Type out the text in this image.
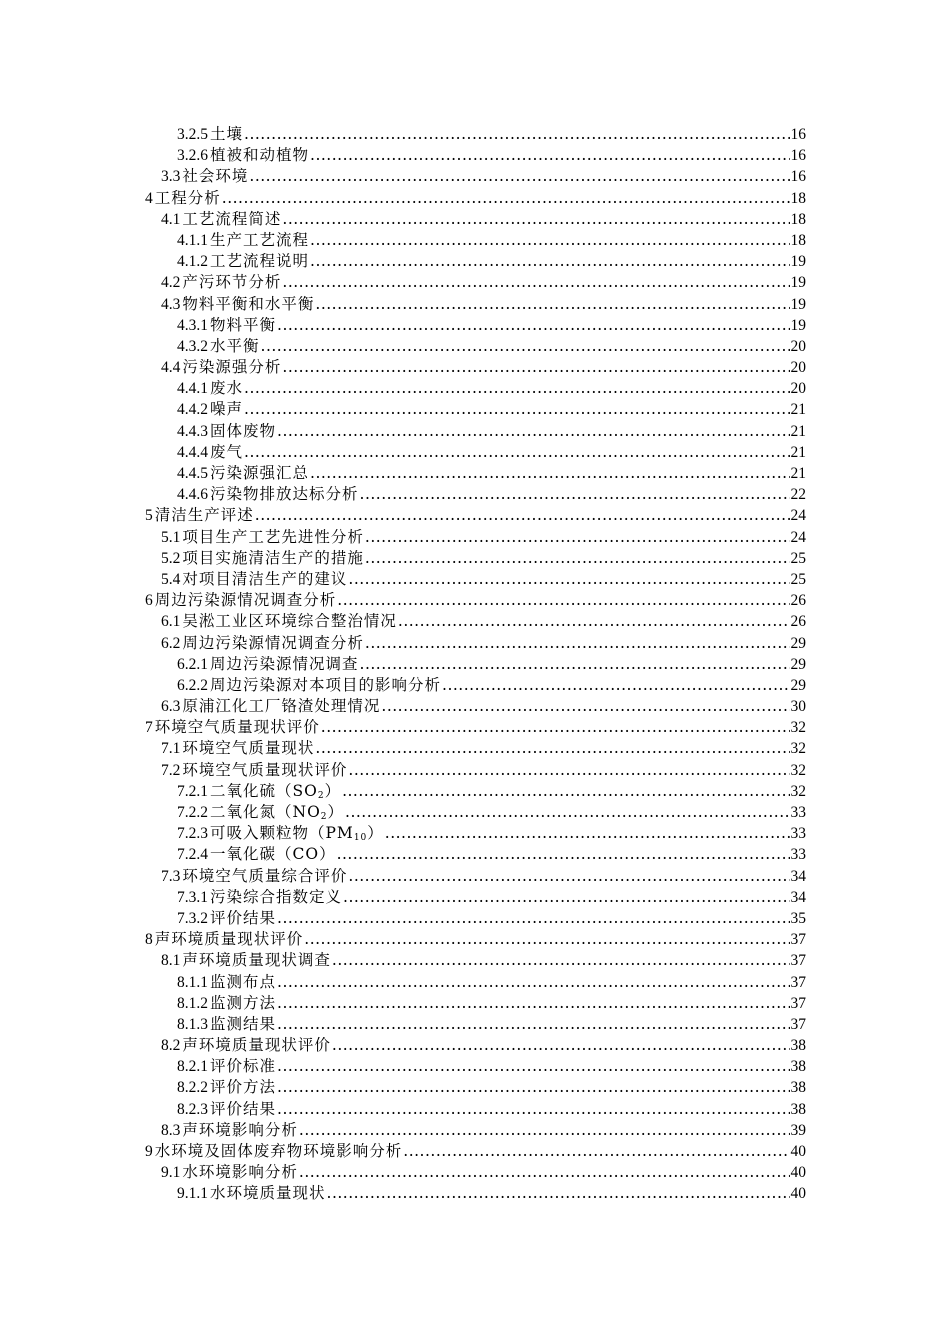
3.2.5 土壤 .....	16
3.2.6 植被和动植物 .....	16
3.3 社会环境 .....	16
4 工程分析 .....	18
4.1 工艺流程简述 .....	18
4.1.1 生产工艺流程 .....	18
4.1.2 工艺流程说明 .....	19
4.2 产污环节分析 .....	19
4.3 物料平衡和水平衡 .....	19
4.3.1 物料平衡 .....	19
4.3.2 水平衡 .....	20
4.4 污染源强分析 .....	20
4.4.1 废水 .....	20
4.4.2 噪声 .....	21
4.4.3 固体废物 .....	21
4.4.4 废气 .....	21
4.4.5 污染源强汇总 .....	21
4.4.6 污染物排放达标分析 .....	22
5 清洁生产评述 .....	24
5.1 项目生产工艺先进性分析 .....	24
5.2 项目实施清洁生产的措施 .....	25
5.4 对项目清洁生产的建议 .....	25
6 周边污染源情况调查分析 .....	26
6.1 吴淞工业区环境综合整治情况 .....	26
6.2 周边污染源情况调查分析 .....	29
6.2.1 周边污染源情况调查 .....	29
6.2.2 周边污染源对本项目的影响分析 .....	29
6.3 原浦江化工厂铬渣处理情况 .....	30
7 环境空气质量现状评价 .....	32
7.1 环境空气质量现状 .....	32
7.2 环境空气质量现状评价 .....	32
7.2.1 二氧化硫$(SO_2)$ .....	32
7.2.2 二氧化氮$(NO_2)$ .....	33
7.2.3 可吸入颗粒物$(PM_{10})$ .....	33
7.2.4 一氧化碳（CO） .....	33
7.3 环境空气质量综合评价 .....	34
7.3.1 污染综合指数定义 .....	34
7.3.2 评价结果 .....	35
8 声环境质量现状评价 .....	37
8.1 声环境质量现状调查 .....	37
8.1.1 监测布点 .....	37
8.1.2 监测方法 .....	37
8.1.3 监测结果 .....	37
8.2 声环境质量现状评价 .....	38
8.2.1 评价标准 .....	38
8.2.2 评价方法 .....	38
8.2.3 评价结果 .....	38
8.3 声环境影响分析 .....	39
9 水环境及固体废弃物环境影响分析 .....	40
9.1 水环境影响分析 .....	40
9.1.1 水环境质量现状 .....	40
